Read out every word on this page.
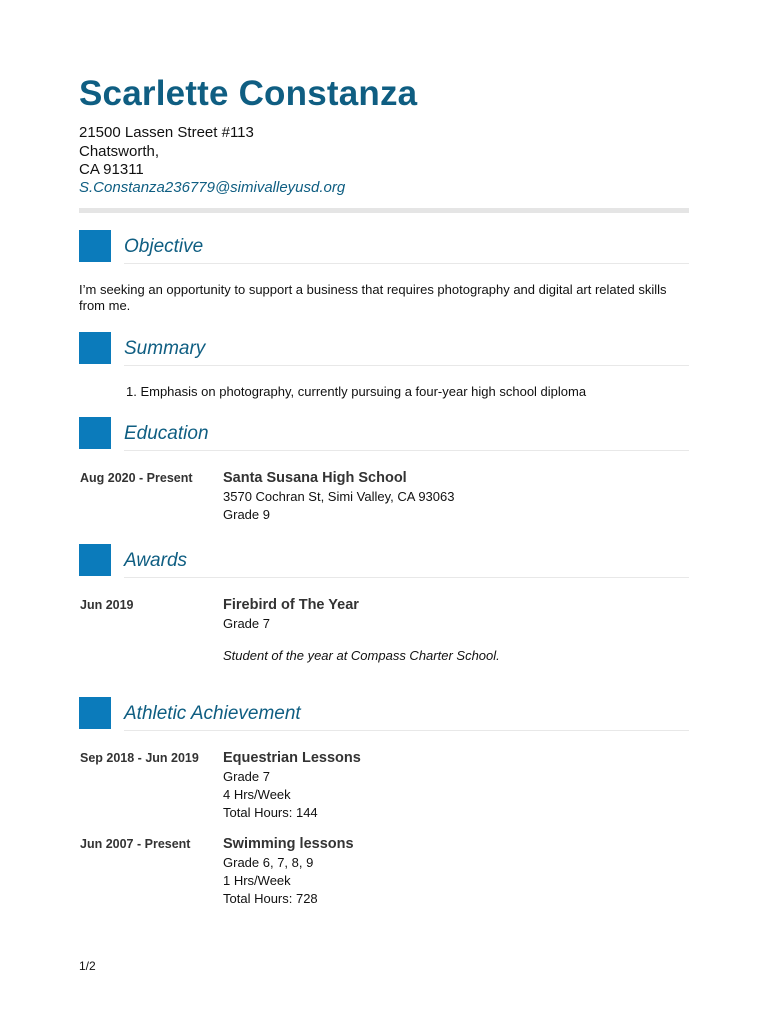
Scarlette Constanza
21500 Lassen Street #113
Chatsworth,
CA 91311
S.Constanza236779@simivalleyusd.org
Objective
I’m seeking an opportunity to support a business that requires photography and digital art related skills from me.
Summary
1. Emphasis on photography, currently pursuing a four-year high school diploma
Education
Aug 2020 - Present Santa Susana High School
3570 Cochran St, Simi Valley, CA 93063
Grade 9
Awards
Jun 2019	Firebird of The Year
Grade 7
Student of the year at Compass Charter School.
Athletic Achievement
Sep 2018 - Jun 2019 Equestrian Lessons
Grade 7
4 Hrs/Week
Total Hours: 144
Jun 2007 - Present Swimming lessons
Grade 6, 7, 8, 9
1 Hrs/Week
Total Hours: 728
1/2
